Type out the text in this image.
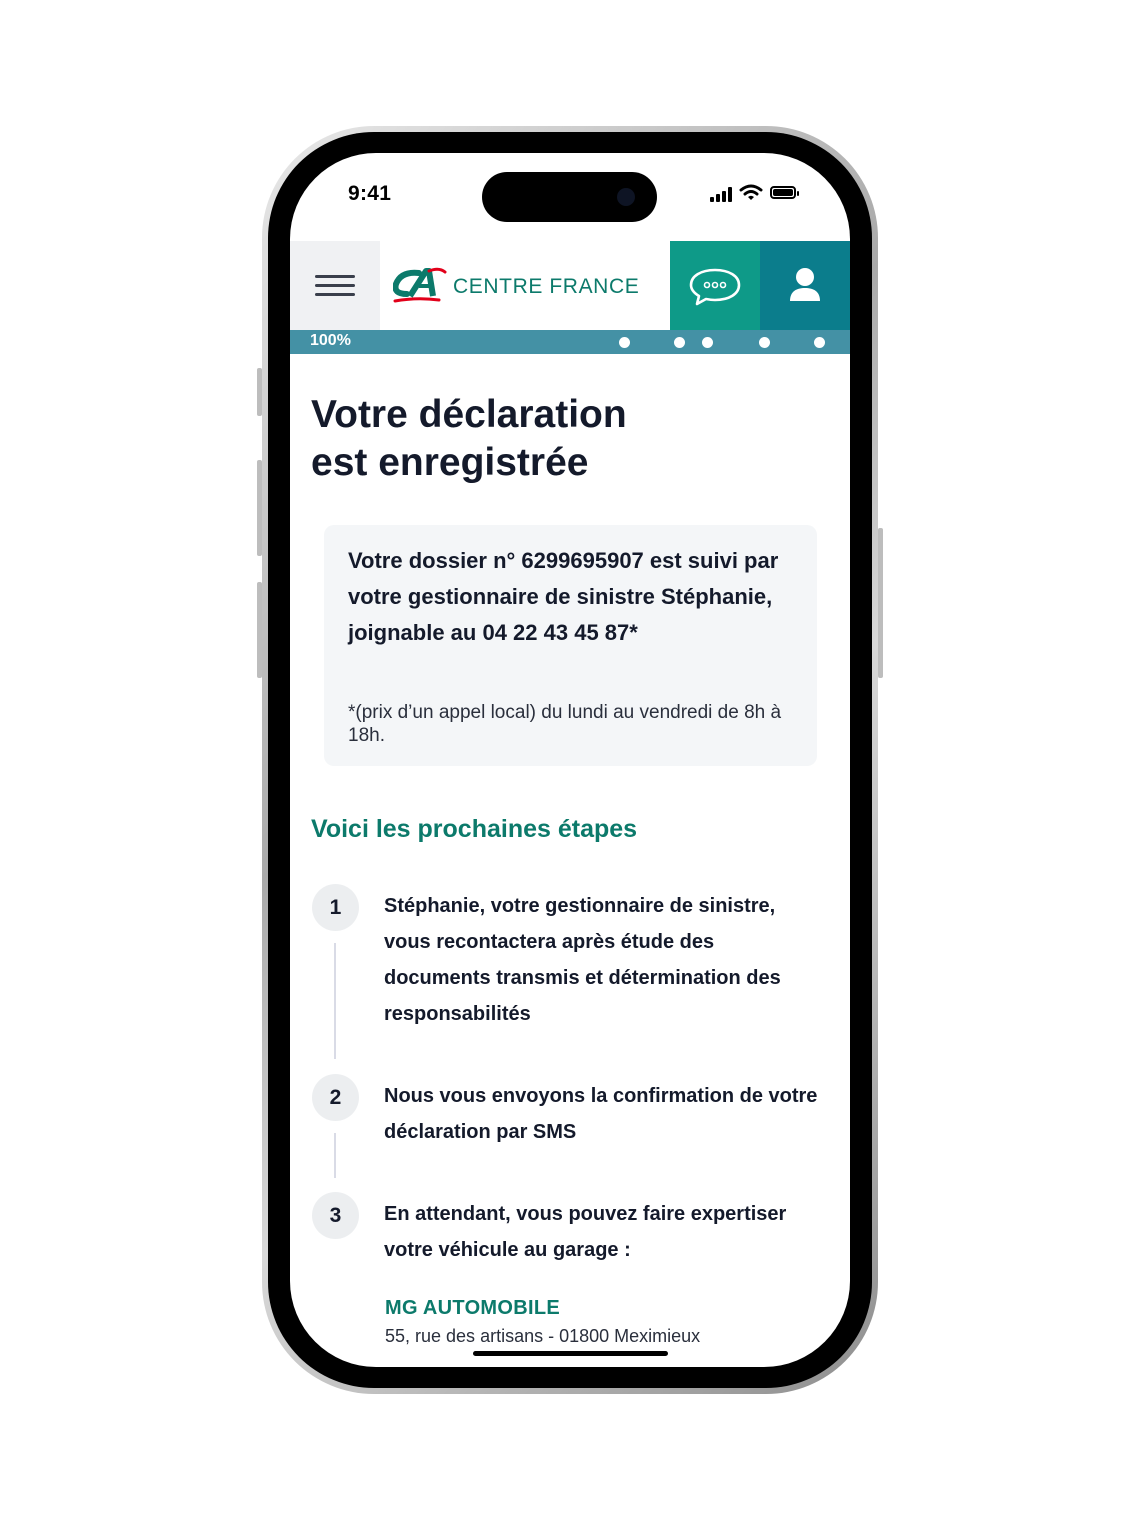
9:41
CENTRE FRANCE
100%
Votre déclaration
est enregistrée
Votre dossier n° 6299695907 est suivi par votre gestionnaire de sinistre Stéphanie, joignable au 04 22 43 45 87*
*(prix d’un appel local) du lundi au vendredi de 8h à 18h.
Voici les prochaines étapes
1	Stéphanie, votre gestionnaire de sinistre, vous recontactera après étude des documents transmis et détermination des responsabilités
2	Nous vous envoyons la confirmation de votre déclaration par SMS
3	En attendant, vous pouvez faire expertiser votre véhicule au garage :
MG AUTOMOBILE
55, rue des artisans - 01800 Meximieux
